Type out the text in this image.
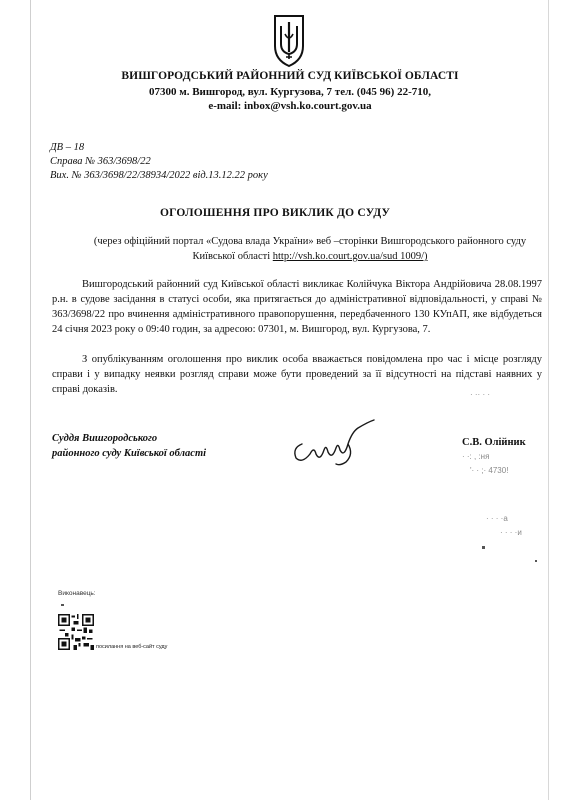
ВИШГОРОДСЬКИЙ РАЙОННИЙ СУД КИЇВСЬКОЇ ОБЛАСТІ
07300 м. Вишгород, вул. Кургузова, 7 тел. (045 96) 22-710,
e-mail: inbox@vsh.ko.court.gov.ua
ДВ – 18
Справа № 363/3698/22
Вих. № 363/3698/22/38934/2022 від.13.12.22 року
ОГОЛОШЕННЯ ПРО ВИКЛИК ДО СУДУ
(через офіційний портал «Судова влада України» веб –сторінки Вишгородського районного суду Київської області http://vsh.ko.court.gov.ua/sud 1009/)
Вишгородський районний суд Київської області викликає Колійчука Віктора Андрійовича 28.08.1997 р.н. в судове засідання в статусі особи, яка притягається до адміністративної відповідальності, у справі № 363/3698/22 про вчинення адміністративного правопорушення, передбаченного 130 КУпАП, яке відбудеться 24 січня 2023 року о 09:40 годин, за адресою: 07301, м. Вишгород, вул. Кургузова, 7.
З опублікуванням оголошення про виклик особа вважається повідомлена про час і місце розгляду справи і у випадку неявки розгляд справи може бути проведений за її відсутності на підставі наявних у справі доказів.
Суддя Вишгородського
районного суду Київської області
С.В. Олійник
· ·: , :ня
'· · ;· 4730!
· · · ·а
· · · ·и
· ·· · ·
Виконавець:
посилання на веб-сайт суду
